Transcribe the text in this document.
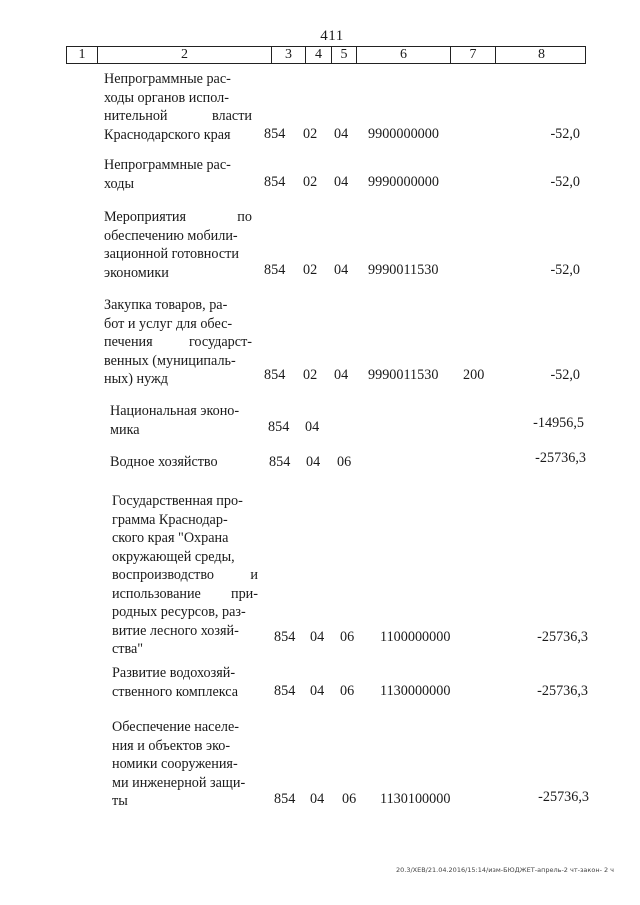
411
1	2	3	4	5	6	7	8
Непрограммные рас-
ходы органов испол-
нительной власти
Краснодарского края	854 02 04 9900000000	-52,0
Непрограммные рас-
ходы	854 02 04 9990000000	-52,0
Мероприятия по
обеспечению мобили-
зационной готовности
экономики	854 02 04 9990011530	-52,0
Закупка товаров, ра-
бот и услуг для обес-
печения государст-
венных (муниципаль-
ных) нужд	854 02 04 9990011530 200	-52,0
Национальная эконо-
мика	854 04	-14956,5
Водное хозяйство	854 04 06	-25736,3
Государственная про-
грамма Краснодар-
ского края "Охрана
окружающей среды,
воспроизводство и
использование при-
родных ресурсов, раз-
витие лесного хозяй-
ства"
854 04 06 1100000000	-25736,3
Развитие водохозяй-
ственного комплекса	854 04 06 1130000000	-25736,3
Обеспечение населе-
ния и объектов эко-
номики сооружения-
ми инженерной защи-
ты	854 04 06 1130100000	-25736,3
20.3/ХЕВ/21.04.2016/15:14/изм-БЮДЖЕТ-апрель-2 чт-закон- 2 ч
